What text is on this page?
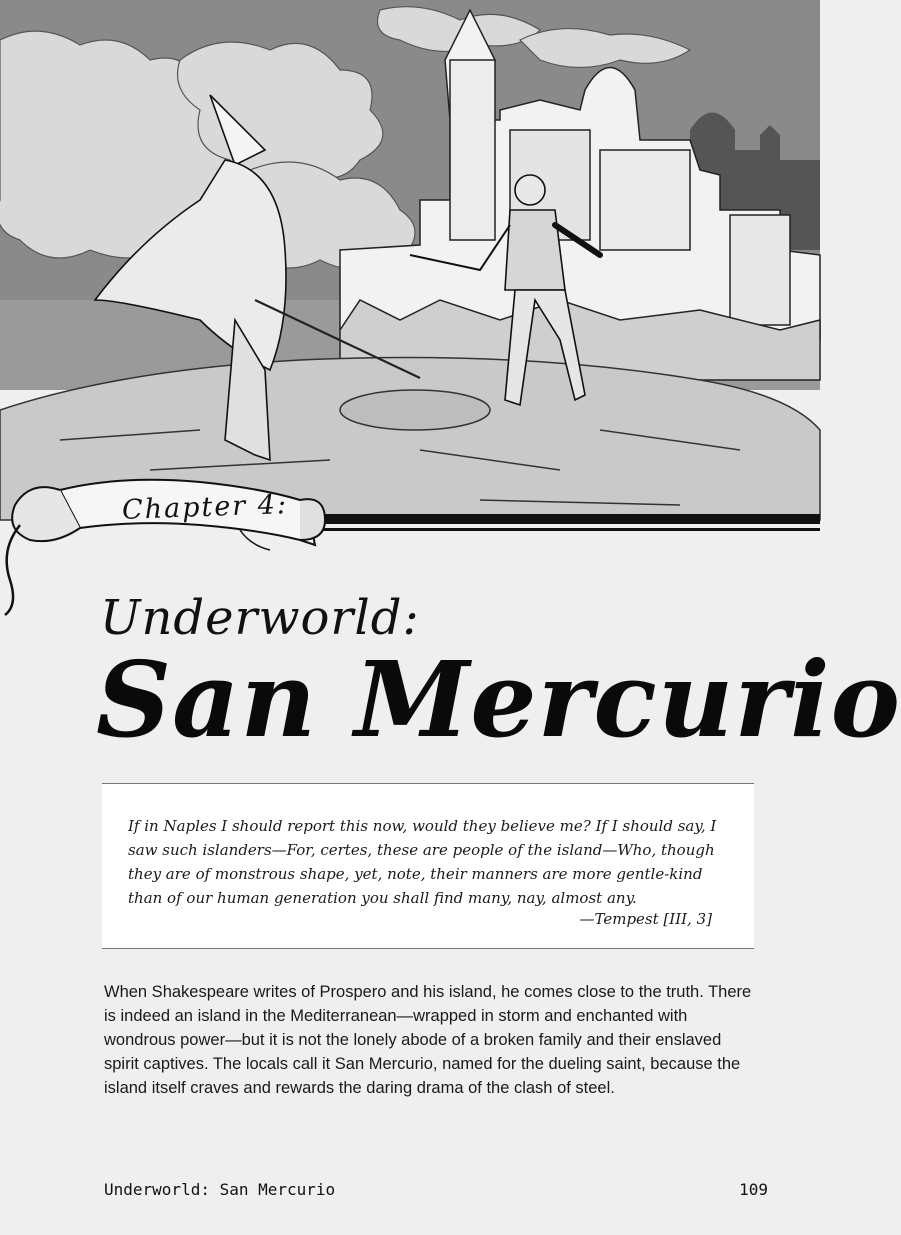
Chapter 4:
Underworld:
San Mercurio

If in Naples I should report this now, would they believe me? If I should say, I saw such islanders—For, certes, these are people of the island—Who, though they are of monstrous shape, yet, note, their manners are more gentle-kind than of our human generation you shall find many, nay, almost any.

—Tempest [III, 3]

When Shakespeare writes of Prospero and his island, he comes close to the truth. There is indeed an island in the Mediterranean—wrapped in storm and enchanted with wondrous power—but it is not the lonely abode of a broken family and their enslaved spirit captives. The locals call it San Mercurio, named for the dueling saint, because the island itself craves and rewards the daring drama of the clash of steel.

Underworld: San Mercurio	109
